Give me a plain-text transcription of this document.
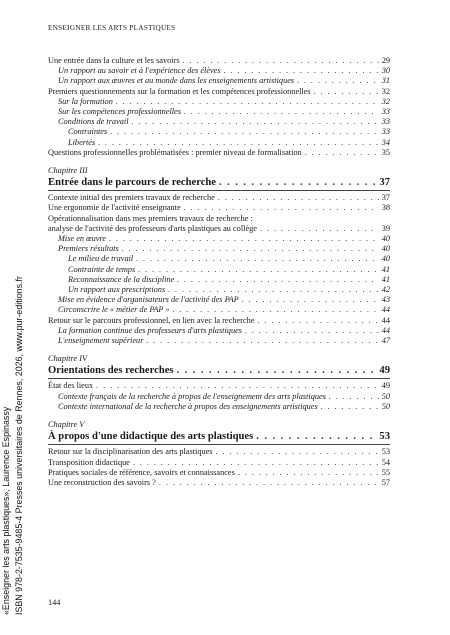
ENSEIGNER LES ARTS PLASTIQUES
Une entrée dans la culture et les savoirs . . .	29
Un rapport au savoir et à l'expérience des élèves . . .	30
Un rapport aux œuvres et au monde dans les enseignements artistiques . . .	31
Premiers questionnements sur la formation et les compétences professionnelles . . .	32
Sur la formation . . .	32
Sur les compétences professionnelles . . .	33
Conditions de travail . . .	33
Contraintes . . .	33
Libertés . . .	34
Questions professionnelles problématisées : premier niveau de formalisation . . .	35
Chapitre III
Entrée dans le parcours de recherche . . .	37
Contexte initial des premiers travaux de recherche . . .	37
Une ergonomie de l'activité enseignante . . .	38
Opérationnalisation dans mes premiers travaux de recherche :
analyse de l'activité des professeurs d'arts plastiques au collège . . .	39
Mise en œuvre . . .	40
Premiers résultats . . .	40
Le milieu de travail . . .	40
Contrainte de temps . . .	41
Reconnaissance de la discipline . . .	41
Un rapport aux prescriptions . . .	42
Mise en évidence d'organisateurs de l'activité des PAP . . .	43
Circonscrire le « métier de PAP » . . .	44
Retour sur le parcours professionnel, en lien avec la recherche . . .	44
La formation continue des professeurs d'arts plastiques . . .	44
L'enseignement supérieur . . .	47
Chapitre IV
Orientations des recherches . . .	49
État des lieux . . .	49
Contexte français de la recherche à propos de l'enseignement des arts plastiques . . .	50
Contexte international de la recherche à propos des enseignements artistiques . . .	50
Chapitre V
À propos d'une didactique des arts plastiques . . .	53
Retour sur la disciplinarisation des arts plastiques . . .	53
Transposition didactique . . .	54
Pratiques sociales de référence, savoirs et connaissances . . .	55
Une reconstruction des savoirs ? . . .	57
144
«Enseigner les arts plastiques», Laurence Espinassy ISBN 978-2-7535-9485-4 Presses universitaires de Rennes, 2026, www.pur-editions.fr
